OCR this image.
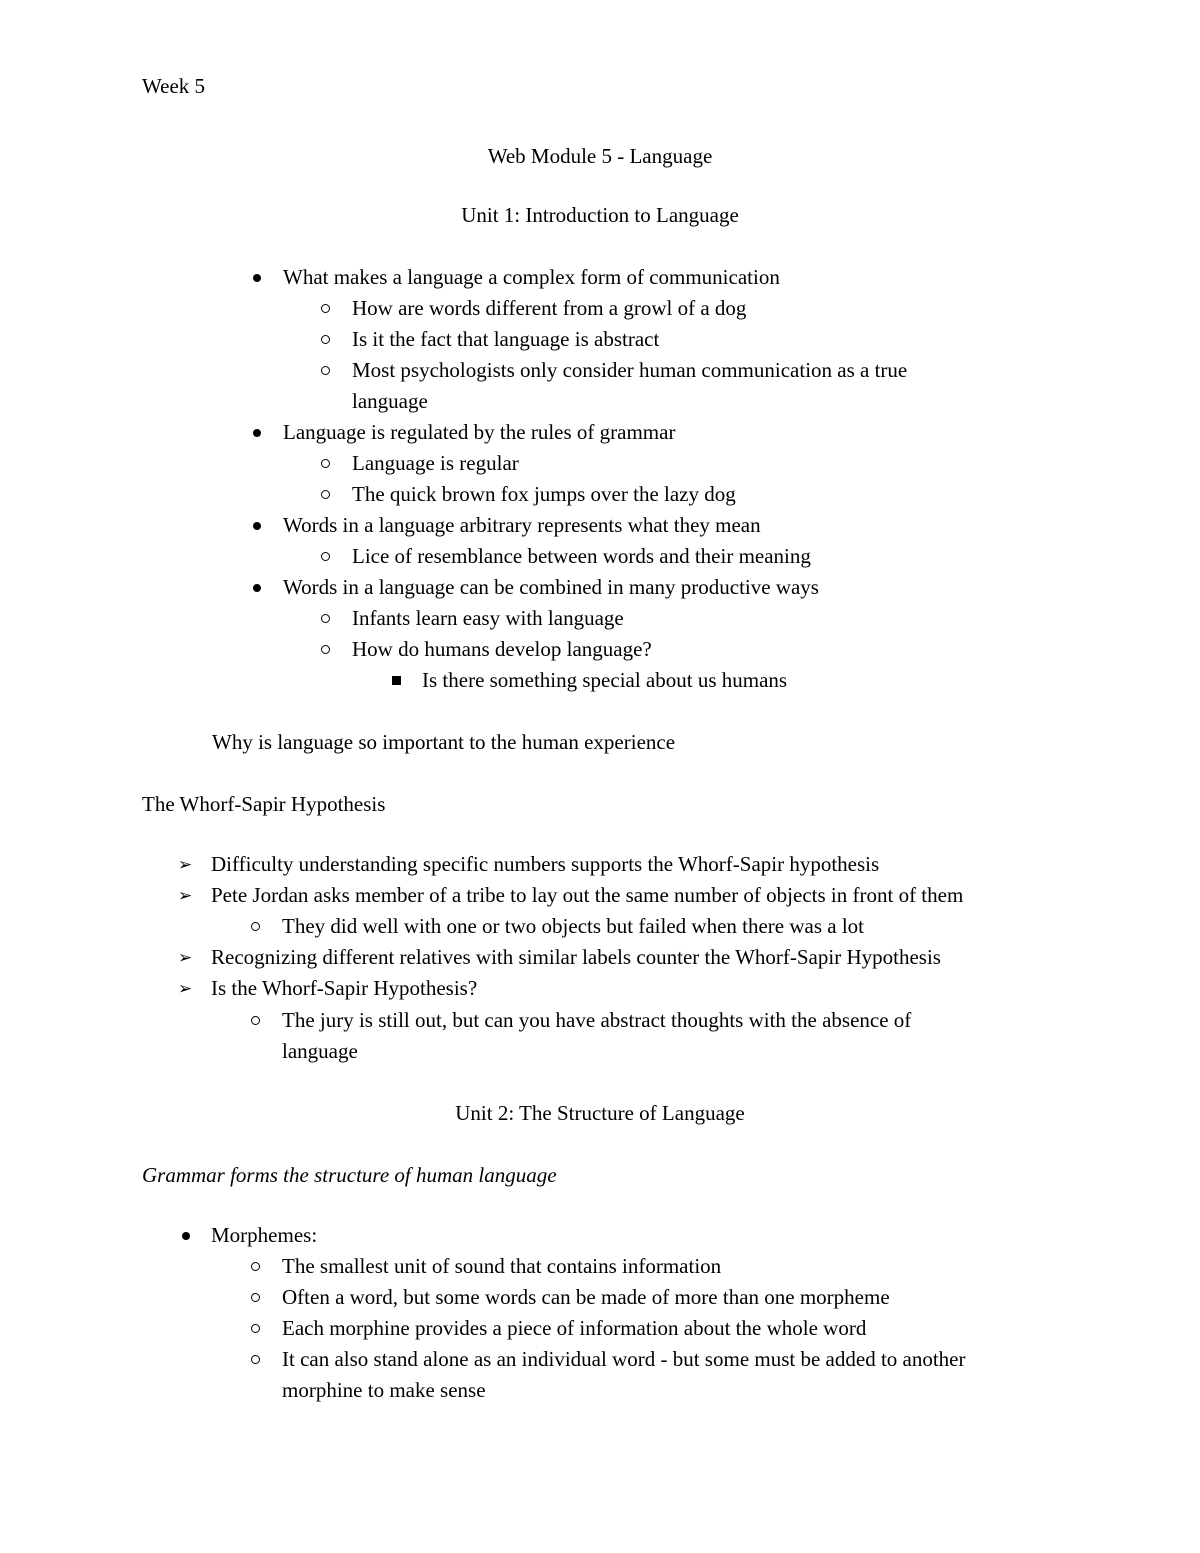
Week 5
Web Module 5 - Language
Unit 1: Introduction to Language
What makes a language a complex form of communication
How are words different from a growl of a dog
Is it the fact that language is abstract
Most psychologists only consider human communication as a true
language
Language is regulated by the rules of grammar
Language is regular
The quick brown fox jumps over the lazy dog
Words in a language arbitrary represents what they mean
Lice of resemblance between words and their meaning
Words in a language can be combined in many productive ways
Infants learn easy with language
How do humans develop language?
Is there something special about us humans
Why is language so important to the human experience
The Whorf-Sapir Hypothesis
➢ Difficulty understanding specific numbers supports the Whorf-Sapir hypothesis
➢ Pete Jordan asks member of a tribe to lay out the same number of objects in front of them
They did well with one or two objects but failed when there was a lot
➢ Recognizing different relatives with similar labels counter the Whorf-Sapir Hypothesis
➢ Is the Whorf-Sapir Hypothesis?
The jury is still out, but can you have abstract thoughts with the absence of
language
Unit 2: The Structure of Language
Grammar forms the structure of human language
Morphemes:
The smallest unit of sound that contains information
Often a word, but some words can be made of more than one morpheme
Each morphine provides a piece of information about the whole word
It can also stand alone as an individual word - but some must be added to another
morphine to make sense
